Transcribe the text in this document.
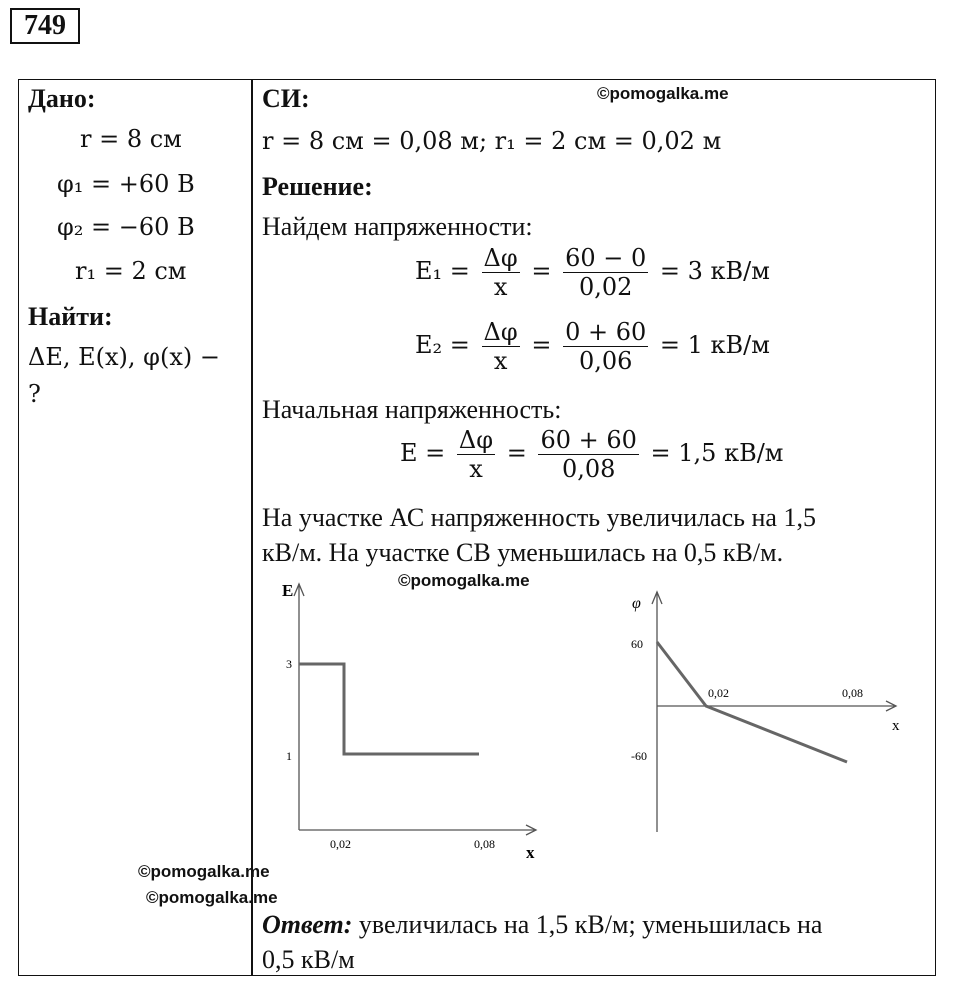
749
Дано:
r = 8 см
φ₁ = +60 В
φ₂ = −60 В
r₁ = 2 см
Найти:
ΔE, E(x), φ(x) −
?
СИ:	©pomogalka.me
r = 8 см = 0,08 м; r₁ = 2 см = 0,02 м
Решение:
Найдем напряженности:
$E_1 = \frac{\Delta\varphi}{x} = \frac{60 - 0}{0,02} = 3$ кВ/м
$E_2 = \frac{\Delta\varphi}{x} = \frac{0 + 60}{0,06} = 1$ кВ/м
Начальная напряженность:
$E = \frac{\Delta\varphi}{x} = \frac{60 + 60}{0,08} = 1,5$ кВ/м
На участке АС напряженность увеличилась на 1,5
кВ/м. На участке СВ уменьшилась на 0,5 кВ/м.
©pomogalka.me
E
x
3
1
0,02	0,08
φ
x
60
-60
0,02	0,08
©pomogalka.me
©pomogalka.me
Ответ: увеличилась на 1,5 кВ/м; уменьшилась на
0,5 кВ/м
